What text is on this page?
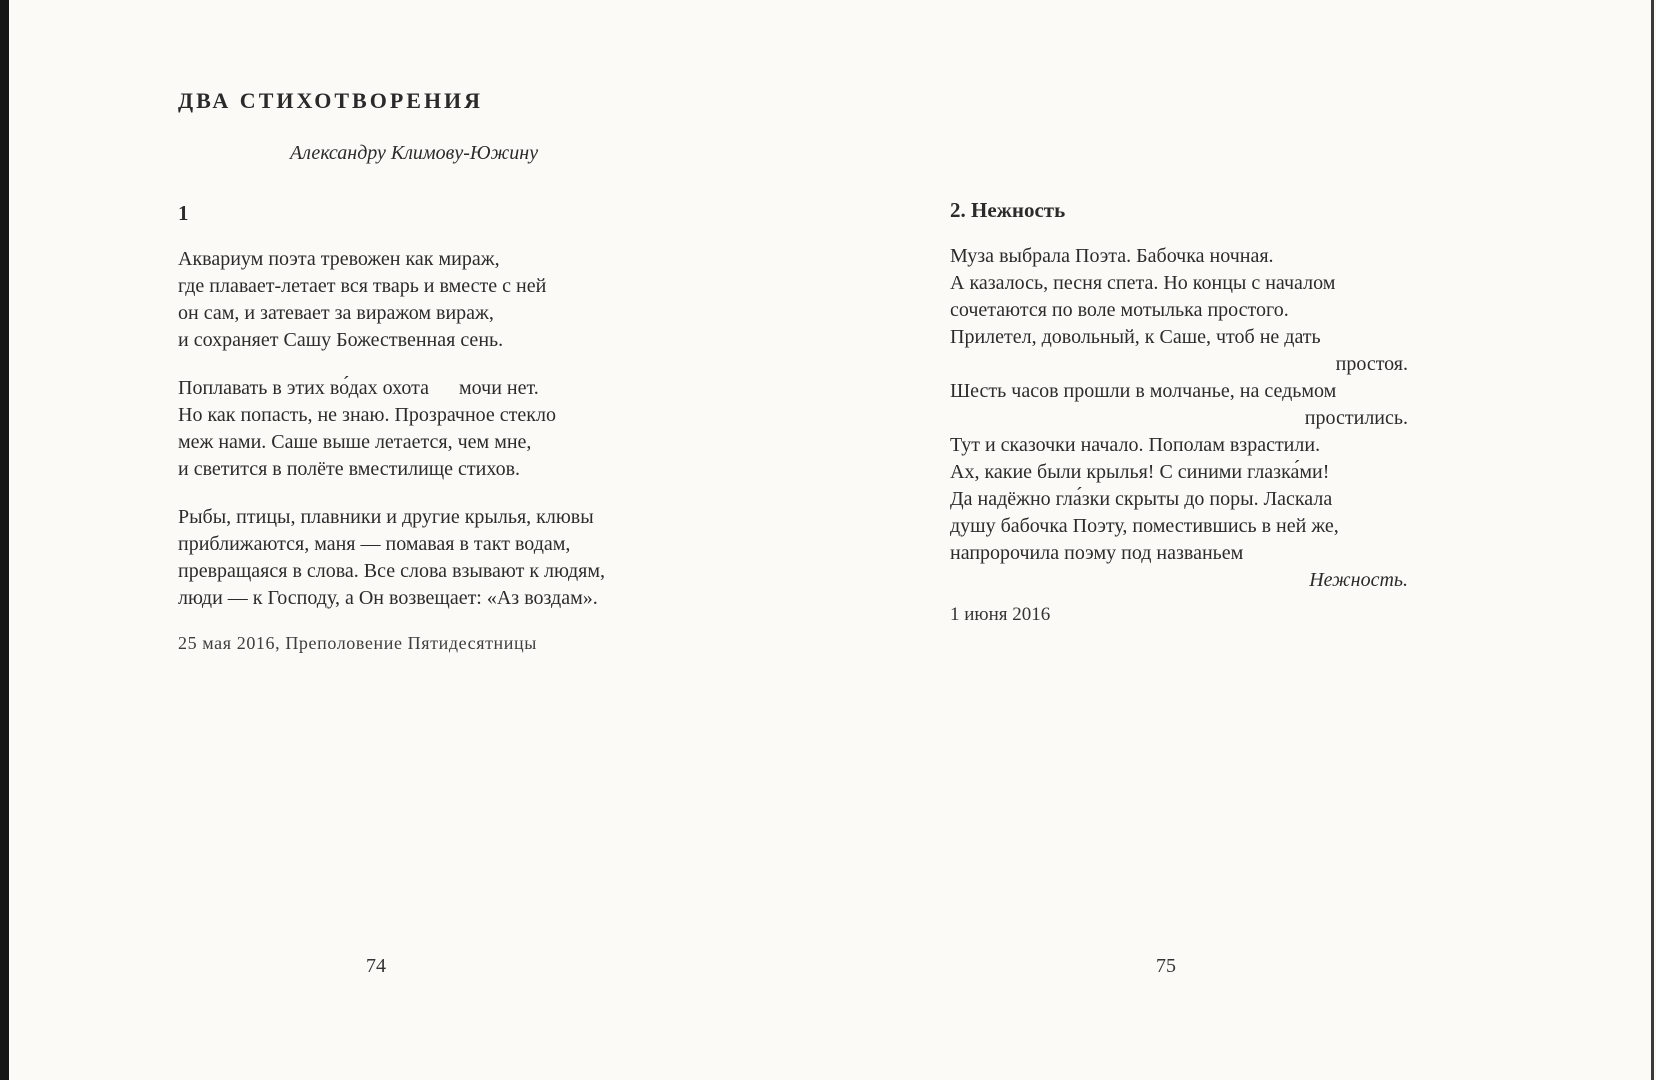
ДВА СТИХОТВОРЕНИЯ
Александру Климову-Южину
1
Аквариум поэта тревожен как мираж,
где плавает-летает вся тварь и вместе с ней
он сам, и затевает за виражом вираж,
и сохраняет Сашу Божественная сень.
Поплавать в этих во́дах охота      мочи нет.
Но как попасть, не знаю. Прозрачное стекло
меж нами. Саше выше летается, чем мне,
и светится в полёте вместилище стихов.
Рыбы, птицы, плавники и другие крылья, клювы
приближаются, маня — помавая в такт водам,
превращаяся в слова. Все слова взывают к людям,
люди — к Господу, а Он возвещает: «Аз воздам».
25 мая 2016, Преполовение Пятидесятницы
2. Нежность
Муза выбрала Поэта. Бабочка ночная.
А казалось, песня спета. Но концы с началом
сочетаются по воле мотылька простого.
Прилетел, довольный, к Саше, чтоб не дать
простоя.
Шесть часов прошли в молчанье, на седьмом
простились.
Тут и сказочки начало. Пополам взрастили.
Ах, какие были крылья! С синими глазка́ми!
Да надёжно гла́зки скрыты до поры. Ласкала
душу бабочка Поэту, поместившись в ней же,
напророчила поэму под названьем
Нежность.
1 июня 2016
74	75
